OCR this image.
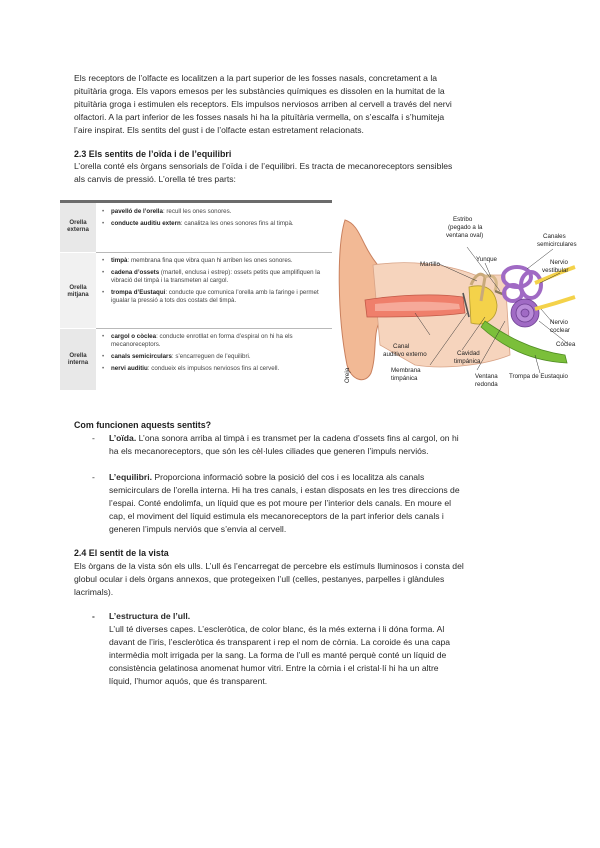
Els receptors de l’olfacte es localitzen a la part superior de les fosses nasals, concretament a la
pituïtària groga. Els vapors emesos per les substàncies químiques es dissolen en la humitat de la
pituïtària groga i estimulen els receptors. Els impulsos nerviosos arriben al cervell a través del nervi
olfactori. A la part inferior de les fosses nasals hi ha la pituïtària vermella, on s’escalfa i s’humiteja
l’aire inspirat. Els sentits del gust i de l’olfacte estan estretament relacionats.
2.3 Els sentits de l’oïda i de l’equilibri
L’orella conté els òrgans sensorials de l’oïda i de l’equilibri. Es tracta de mecanoreceptors sensibles
als canvis de pressió. L’orella té tres parts:
Orella
externa
• pavelló de l’orella: recull les ones sonores.
• conducte auditiu extern: canalitza les ones sonores fins al timpà.
Orella
mitjana
• timpà: membrana fina que vibra quan hi arriben les ones sonores.
• cadena d’ossets (martell, enclusa i estrep): ossets petits que amplifiquen la vibració del timpà i la transmeten al cargol.
• trompa d’Eustaqui: conducte que comunica l’orella amb la faringe i permet igualar la pressió a tots dos costats del timpà.
Orella
interna
• cargol o còclea: conducte enrotllat en forma d’espiral on hi ha els mecanoreceptors.
• canals semicirculars: s’encarreguen de l’equilibri.
• nervi auditiu: condueix els impulsos nerviosos fins al cervell.
Estribo
(pegado a la
ventana oval)	Canales
semicirculares
Martillo
Yunque	Nervio
vestibular
Nervio
coclear
Cóclea
Canal
auditivo externo	Cavidad
timpánica
Membrana
timpánica	Ventana
redonda
Trompa de Eustaquio
Oreja
Com funcionen aquests sentits?
- L’oïda. L’ona sonora arriba al timpà i es transmet per la cadena d’ossets fins al cargol, on hi
ha els mecanoreceptors, que són les cèl·lules ciliades que generen l’impuls nerviós.
- L’equilibri. Proporciona informació sobre la posició del cos i es localitza als canals
semicirculars de l’orella interna. Hi ha tres canals, i estan disposats en les tres direccions de
l’espai. Conté endolimfa, un líquid que es pot moure per l’interior dels canals. En moure el
cap, el moviment del líquid estimula els mecanoreceptors de la part inferior dels canals i
generen l’impuls nerviós que s’envia al cervell.
2.4 El sentit de la vista
Els òrgans de la vista són els ulls. L’ull és l’encarregat de percebre els estímuls lluminosos i consta del
globul ocular i dels òrgans annexos, que protegeixen l’ull (celles, pestanyes, parpelles i glàndules
lacrimals).
- L’estructura de l’ull.
L’ull té diverses capes. L’escleròtica, de color blanc, és la més externa i li dóna forma. Al
davant de l’iris, l’escleròtica és transparent i rep el nom de còrnia. La coroide és una capa
intermèdia molt irrigada per la sang. La forma de l’ull es manté perquè conté un líquid de
consistència gelatinosa anomenat humor vitri. Entre la còrnia i el cristal·lí hi ha un altre
líquid, l’humor aquós, que és transparent.
